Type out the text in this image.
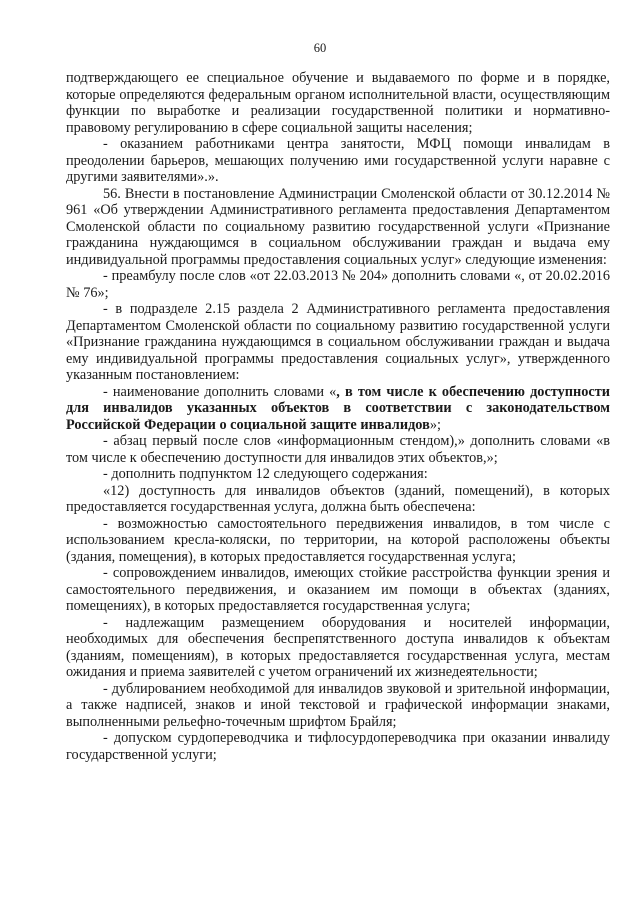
60

подтверждающего ее специальное обучение и выдаваемого по форме и в порядке, которые определяются федеральным органом исполнительной власти, осуществляющим функции по выработке и реализации государственной политики и нормативно-правовому регулированию в сфере социальной защиты населения;

- оказанием работниками центра занятости, МФЦ помощи инвалидам в преодолении барьеров, мешающих получению ими государственной услуги наравне с другими заявителями».».

56. Внести в постановление Администрации Смоленской области от 30.12.2014 № 961 «Об утверждении Административного регламента предоставления Департаментом Смоленской области по социальному развитию государственной услуги «Признание гражданина нуждающимся в социальном обслуживании граждан и выдача ему индивидуальной программы предоставления социальных услуг» следующие изменения:

- преамбулу после слов «от 22.03.2013 № 204» дополнить словами «, от 20.02.2016 № 76»;

- в подразделе 2.15 раздела 2 Административного регламента предоставления Департаментом Смоленской области по социальному развитию государственной услуги «Признание гражданина нуждающимся в социальном обслуживании граждан и выдача ему индивидуальной программы предоставления социальных услуг», утвержденного указанным постановлением:

- наименование дополнить словами «, в том числе к обеспечению доступности для инвалидов указанных объектов в соответствии с законодательством Российской Федерации о социальной защите инвалидов»;

- абзац первый после слов «информационным стендом),» дополнить словами «в том числе к обеспечению доступности для инвалидов этих объектов,»;

- дополнить подпунктом 12 следующего содержания:

«12) доступность для инвалидов объектов (зданий, помещений), в которых предоставляется государственная услуга, должна быть обеспечена:

- возможностью самостоятельного передвижения инвалидов, в том числе с использованием кресла-коляски, по территории, на которой расположены объекты (здания, помещения), в которых предоставляется государственная услуга;

- сопровождением инвалидов, имеющих стойкие расстройства функции зрения и самостоятельного передвижения, и оказанием им помощи в объектах (зданиях, помещениях), в которых предоставляется государственная услуга;

- надлежащим размещением оборудования и носителей информации, необходимых для обеспечения беспрепятственного доступа инвалидов к объектам (зданиям, помещениям), в которых предоставляется государственная услуга, местам ожидания и приема заявителей с учетом ограничений их жизнедеятельности;

- дублированием необходимой для инвалидов звуковой и зрительной информации, а также надписей, знаков и иной текстовой и графической информации знаками, выполненными рельефно-точечным шрифтом Брайля;

- допуском сурдопереводчика и тифлосурдопереводчика при оказании инвалиду государственной услуги;
